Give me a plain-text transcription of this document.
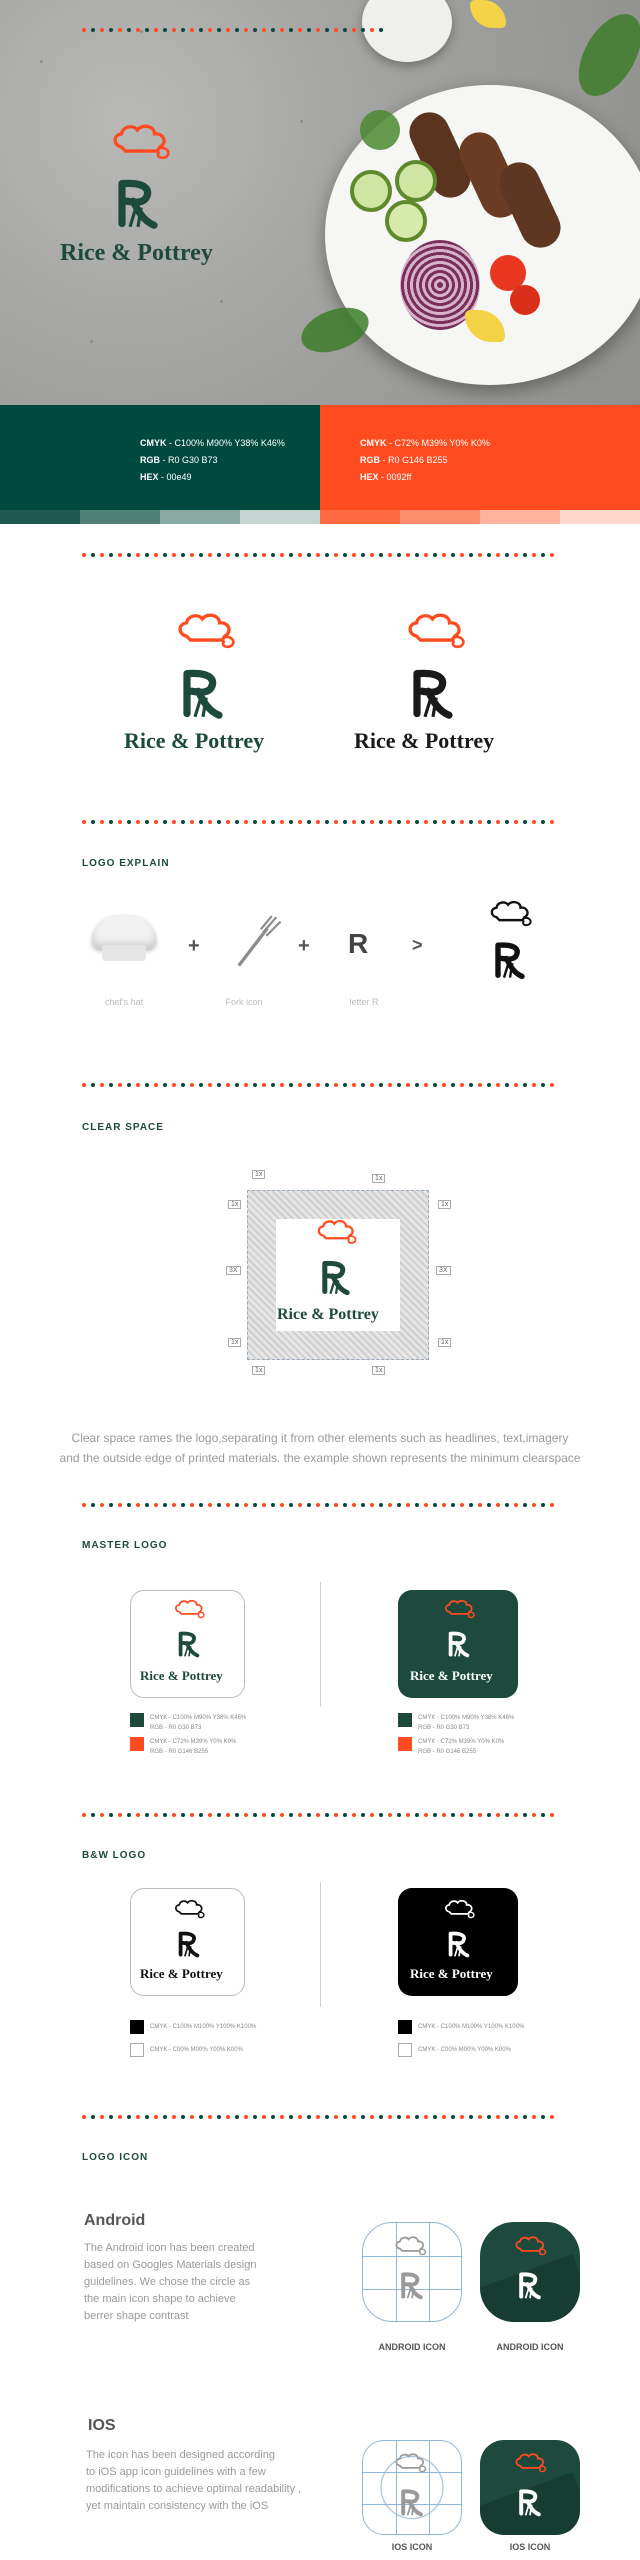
Rice & Pottrey
CMYK - C100% M90% Y38% K46%
RGB - R0 G30 B73
HEX - 00e49
CMYK - C72% M39% Y0% K0%
RGB - R0 G146 B255
HEX - 0092ff
Rice & Pottrey	Rice & Pottrey
LOGO EXPLAIN
+	+ R >
chef's hat	Fork icon	letter R
CLEAR SPACE
Rice & Pottrey
1x
1x
1x	1x
3X	3X
1x	1x
1x	1x
Clear space rames the logo,separating it from other elements such as headlines, text,imagery
and the outside edge of printed materials. the example shown represents the minimum clearspace
MASTER LOGO
Rice & Pottrey	Rice & Pottrey
CMYK - C100% M90% Y38% K46%
RGB - R0 G30 B73
CMYK - C72% M39% Y0% K0%
RGB - R0 G146 B255
CMYK - C100% M90% Y38% K46%
RGB - R0 G30 B73
CMYK - C72% M39% Y0% K0%
RGB - R0 G146 B255
B&W LOGO
Rice & Pottrey	Rice & Pottrey
CMYK - C100% M100% Y100% K100%
CMYK - C00% M00% Y00% K00%
CMYK - C100% M100% Y100% K100%
CMYK - C00% M00% Y00% K00%
LOGO ICON
Android
The Android icon has been created
based on Googles Materials design
guidelines. We chose the circle as
the main icon shape to achieve
berrer shape contrast
ANDROID ICON	ANDROID ICON
IOS
The icon has been designed according
to iOS app icon guidelines with a few
modifications to achieve optimal readability ,
yet maintain consistency with the iOS
IOS ICON	IOS ICON
